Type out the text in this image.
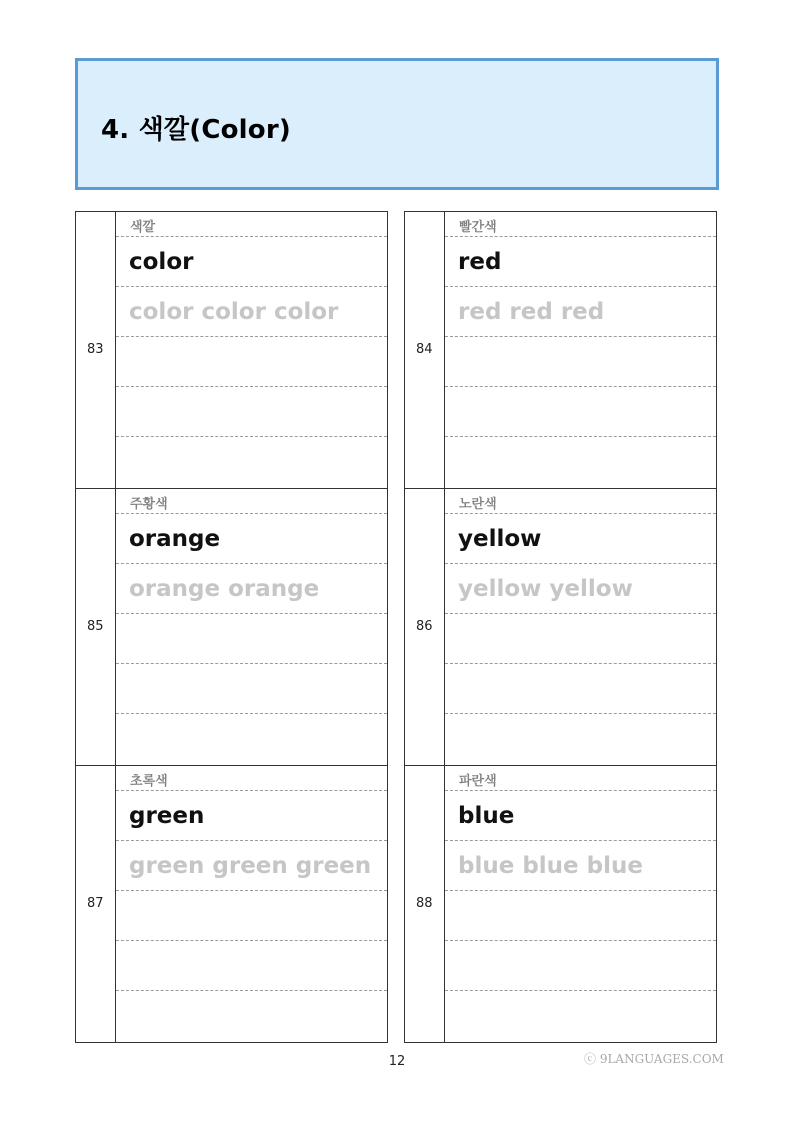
4. 색깔(Color)
83
색깔
color
color color color
84
빨간색
red
red red red
85
주황색
orange
orange orange
86
노란색
yellow
yellow yellow
87
초록색
green
green green green
88
파란색
blue
blue blue blue
12	ⓒ 9LANGUAGES.COM
